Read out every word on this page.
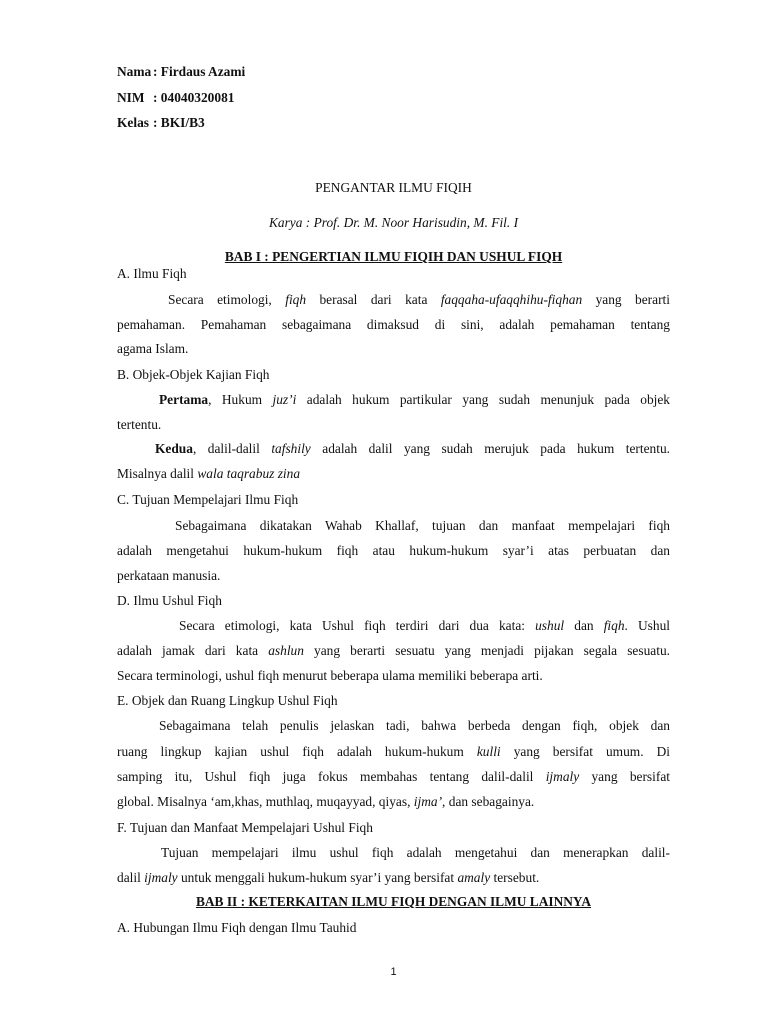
Nama : Firdaus Azami
NIM : 04040320081
Kelas : BKI/B3
PENGANTAR ILMU FIQIH
Karya : Prof. Dr. M. Noor Harisudin, M. Fil. I
BAB I : PENGERTIAN ILMU FIQIH DAN USHUL FIQH
A. Ilmu Fiqh
Secara etimologi, fiqh berasal dari kata faqqaha-ufaqqhihu-fiqhan yang berarti
pemahaman. Pemahaman sebagaimana dimaksud di sini, adalah pemahaman tentang
agama Islam.
B. Objek-Objek Kajian Fiqh
Pertama, Hukum juz’i adalah hukum partikular yang sudah menunjuk pada objek
tertentu.
Kedua, dalil-dalil tafshily adalah dalil yang sudah merujuk pada hukum tertentu.
Misalnya dalil wala taqrabuz zina
C. Tujuan Mempelajari Ilmu Fiqh
Sebagaimana dikatakan Wahab Khallaf, tujuan dan manfaat mempelajari fiqh
adalah mengetahui hukum-hukum fiqh atau hukum-hukum syar’i atas perbuatan dan
perkataan manusia.
D. Ilmu Ushul Fiqh
Secara etimologi, kata Ushul fiqh terdiri dari dua kata: ushul dan fiqh. Ushul
adalah jamak dari kata ashlun yang berarti sesuatu yang menjadi pijakan segala sesuatu.
Secara terminologi, ushul fiqh menurut beberapa ulama memiliki beberapa arti.
E. Objek dan Ruang Lingkup Ushul Fiqh
Sebagaimana telah penulis jelaskan tadi, bahwa berbeda dengan fiqh, objek dan
ruang lingkup kajian ushul fiqh adalah hukum-hukum kulli yang bersifat umum. Di
samping itu, Ushul fiqh juga fokus membahas tentang dalil-dalil ijmaly yang bersifat
global. Misalnya ‘am,khas, muthlaq, muqayyad, qiyas, ijma’, dan sebagainya.
F. Tujuan dan Manfaat Mempelajari Ushul Fiqh
Tujuan mempelajari ilmu ushul fiqh adalah mengetahui dan menerapkan dalil-
dalil ijmaly untuk menggali hukum-hukum syar’i yang bersifat amaly tersebut.
BAB II : KETERKAITAN ILMU FIQH DENGAN ILMU LAINNYA
A. Hubungan Ilmu Fiqh dengan Ilmu Tauhid
1
